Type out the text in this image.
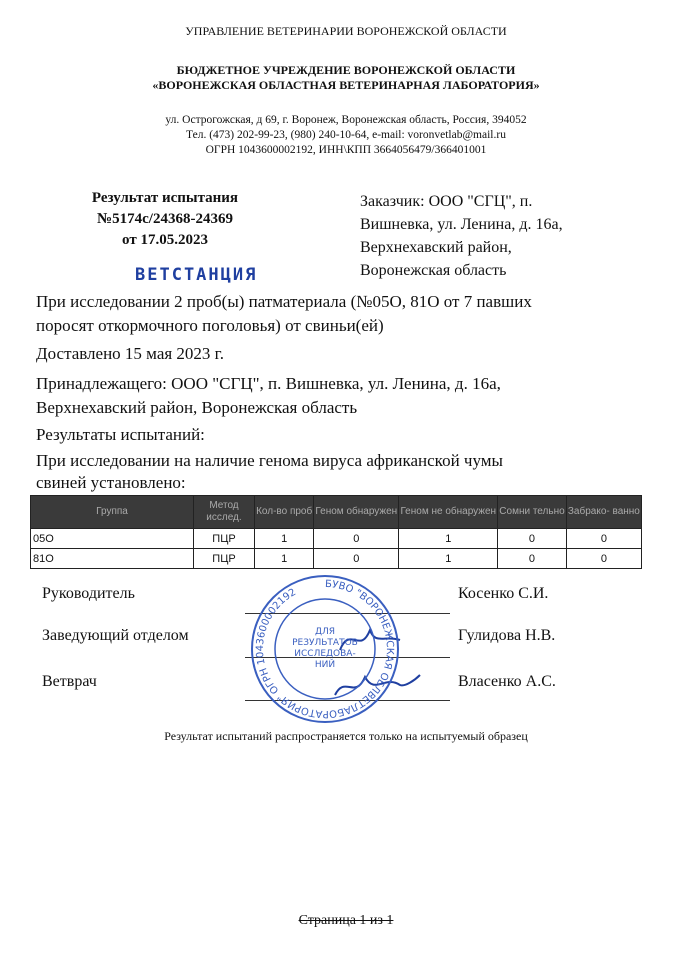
УПРАВЛЕНИЕ ВЕТЕРИНАРИИ ВОРОНЕЖСКОЙ ОБЛАСТИ
БЮДЖЕТНОЕ УЧРЕЖДЕНИЕ ВОРОНЕЖСКОЙ ОБЛАСТИ
«ВОРОНЕЖСКАЯ ОБЛАСТНАЯ ВЕТЕРИНАРНАЯ ЛАБОРАТОРИЯ»
ул. Острогожская, д 69, г. Воронеж, Воронежская область, Россия, 394052
Тел. (473) 202-99-23, (980) 240-10-64, e-mail: voronvetlab@mail.ru
ОГРН 1043600002192, ИНН\КПП 3664056479/366401001
Результат испытания
№5174с/24368-24369
от 17.05.2023
Заказчик: ООО "СГЦ", п.
Вишневка, ул. Ленина, д. 16а,
Верхнехавский район,
Воронежская область
ВЕТСТАНЦИЯ
При исследовании 2 проб(ы) патматериала (№05О, 81О от 7 павших
поросят откормочного поголовья) от свиньи(ей)
Доставлено 15 мая 2023 г.
Принадлежащего: ООО "СГЦ", п. Вишневка, ул. Ленина, д. 16а,
Верхнехавский район, Воронежская область
Результаты испытаний:
При исследовании на наличие генома вируса африканской чумы
свиней установлено:
Группа	Метод исслед.	Кол-во проб	Геном обнаружен	Геном не обнаружен	Сомни тельно	Забрако- ванно
05О	ПЦР	1	0	1	0	0
81О	ПЦР	1	0	1	0	0
Руководитель	Косенко С.И.
Заведующий отделом	Гулидова Н.В.
Ветврач	Власенко А.С.
БУВО "ВОРОНЕЖСКАЯ ОБЛВЕТЛАБОРАТОРИЯ" ОГРН 1043600002192
ДЛЯ РЕЗУЛЬТАТОВ ИССЛЕДОВА-НИЙ
Результат испытаний распространяется только на испытуемый образец
Страница 1 из 1
